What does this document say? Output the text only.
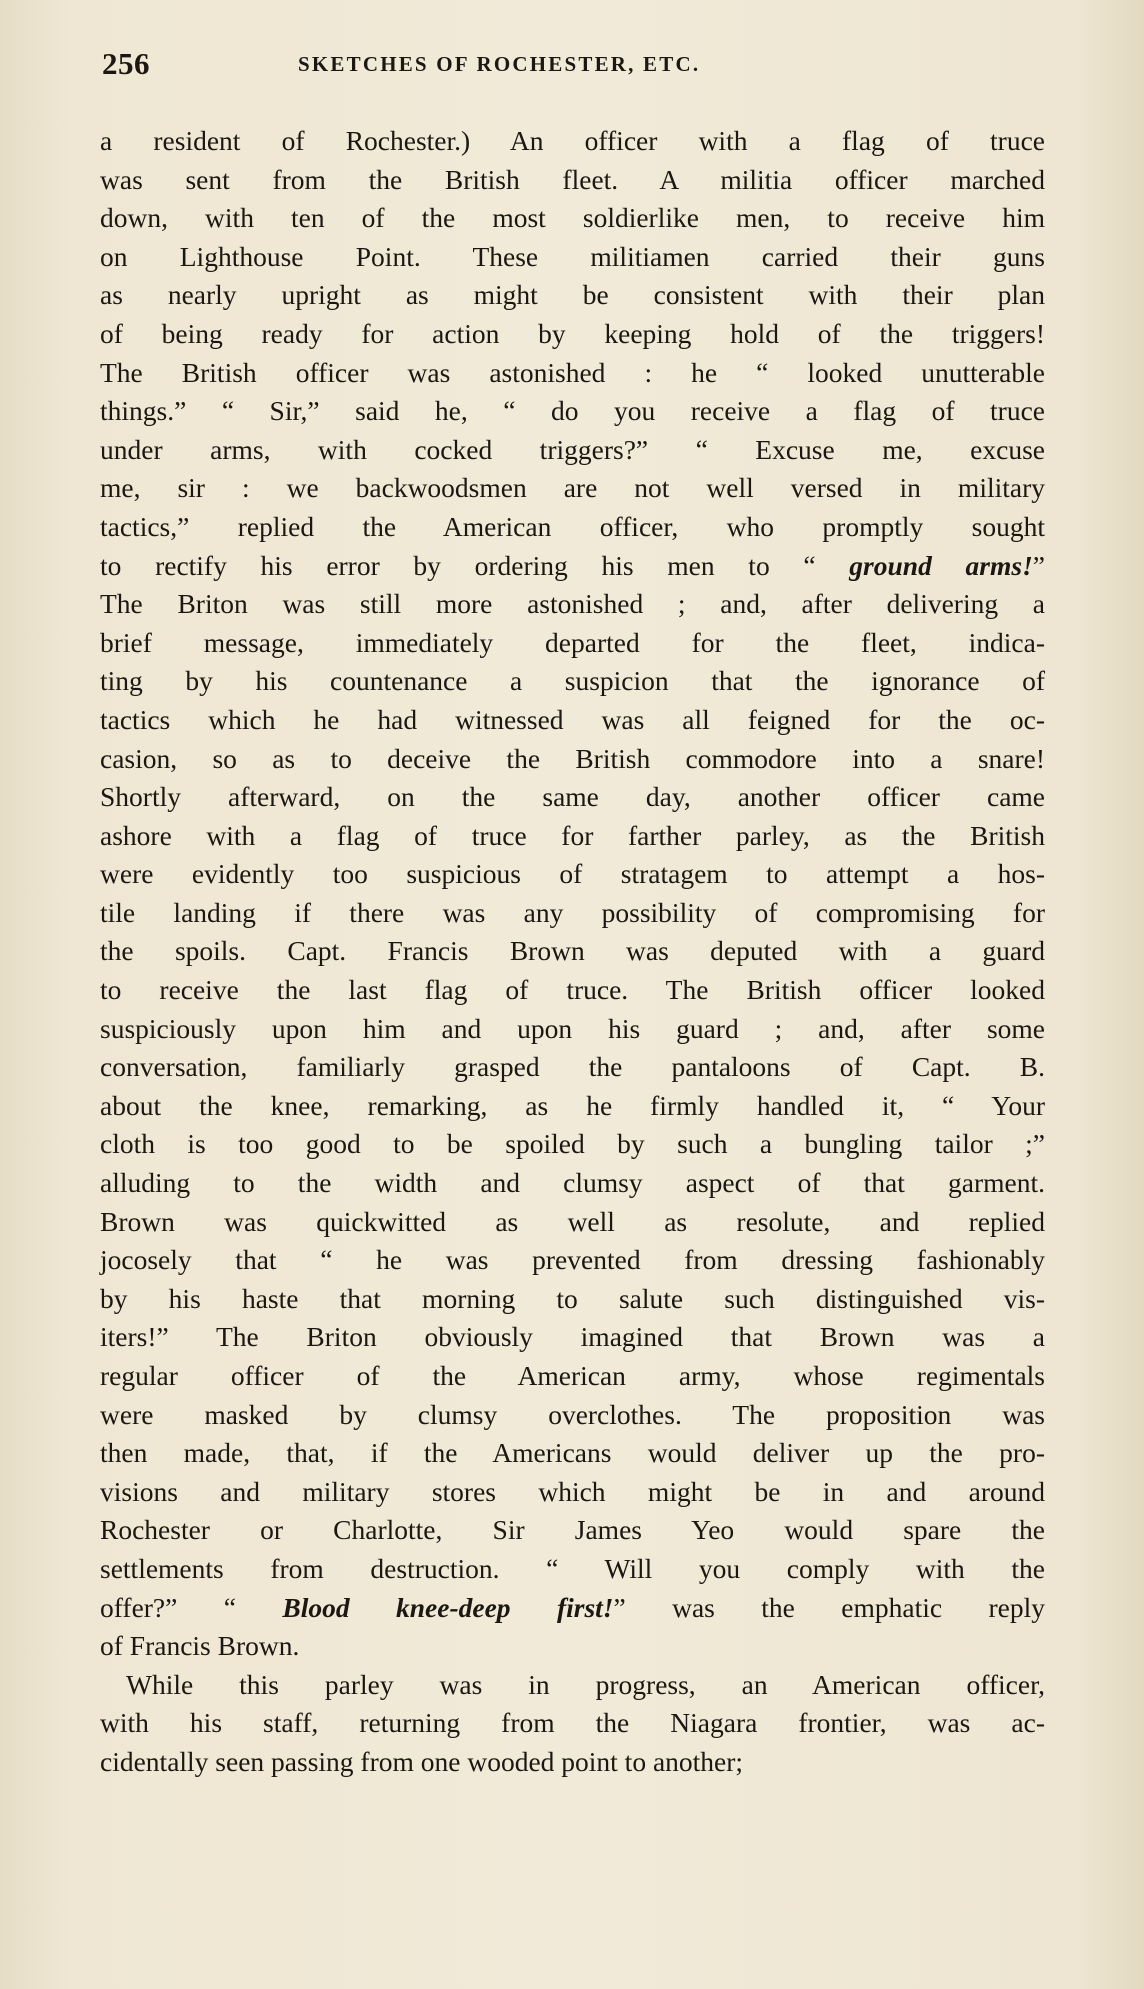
256	SKETCHES OF ROCHESTER, ETC.
a resident of Rochester.) An officer with a flag of truce
was sent from the British fleet. A militia officer marched
down, with ten of the most soldierlike men, to receive him
on Lighthouse Point. These militiamen carried their guns
as nearly upright as might be consistent with their plan
of being ready for action by keeping hold of the triggers!
The British officer was astonished : he “ looked unutterable
things.” “ Sir,” said he, “ do you receive a flag of truce
under arms, with cocked triggers?” “ Excuse me, excuse
me, sir : we backwoodsmen are not well versed in military
tactics,” replied the American officer, who promptly sought
to rectify his error by ordering his men to “ ground arms!”
The Briton was still more astonished ; and, after delivering a
brief message, immediately departed for the fleet, indica-
ting by his countenance a suspicion that the ignorance of
tactics which he had witnessed was all feigned for the oc-
casion, so as to deceive the British commodore into a snare!
Shortly afterward, on the same day, another officer came
ashore with a flag of truce for farther parley, as the British
were evidently too suspicious of stratagem to attempt a hos-
tile landing if there was any possibility of compromising for
the spoils. Capt. Francis Brown was deputed with a guard
to receive the last flag of truce. The British officer looked
suspiciously upon him and upon his guard ; and, after some
conversation, familiarly grasped the pantaloons of Capt. B.
about the knee, remarking, as he firmly handled it, “ Your
cloth is too good to be spoiled by such a bungling tailor ;”
alluding to the width and clumsy aspect of that garment.
Brown was quickwitted as well as resolute, and replied
jocosely that “ he was prevented from dressing fashionably
by his haste that morning to salute such distinguished vis-
iters!” The Briton obviously imagined that Brown was a
regular officer of the American army, whose regimentals
were masked by clumsy overclothes. The proposition was
then made, that, if the Americans would deliver up the pro-
visions and military stores which might be in and around
Rochester or Charlotte, Sir James Yeo would spare the
settlements from destruction. “ Will you comply with the
offer?” “ Blood knee-deep first!” was the emphatic reply
of Francis Brown.
While this parley was in progress, an American officer,
with his staff, returning from the Niagara frontier, was ac-
cidentally seen passing from one wooded point to another;
